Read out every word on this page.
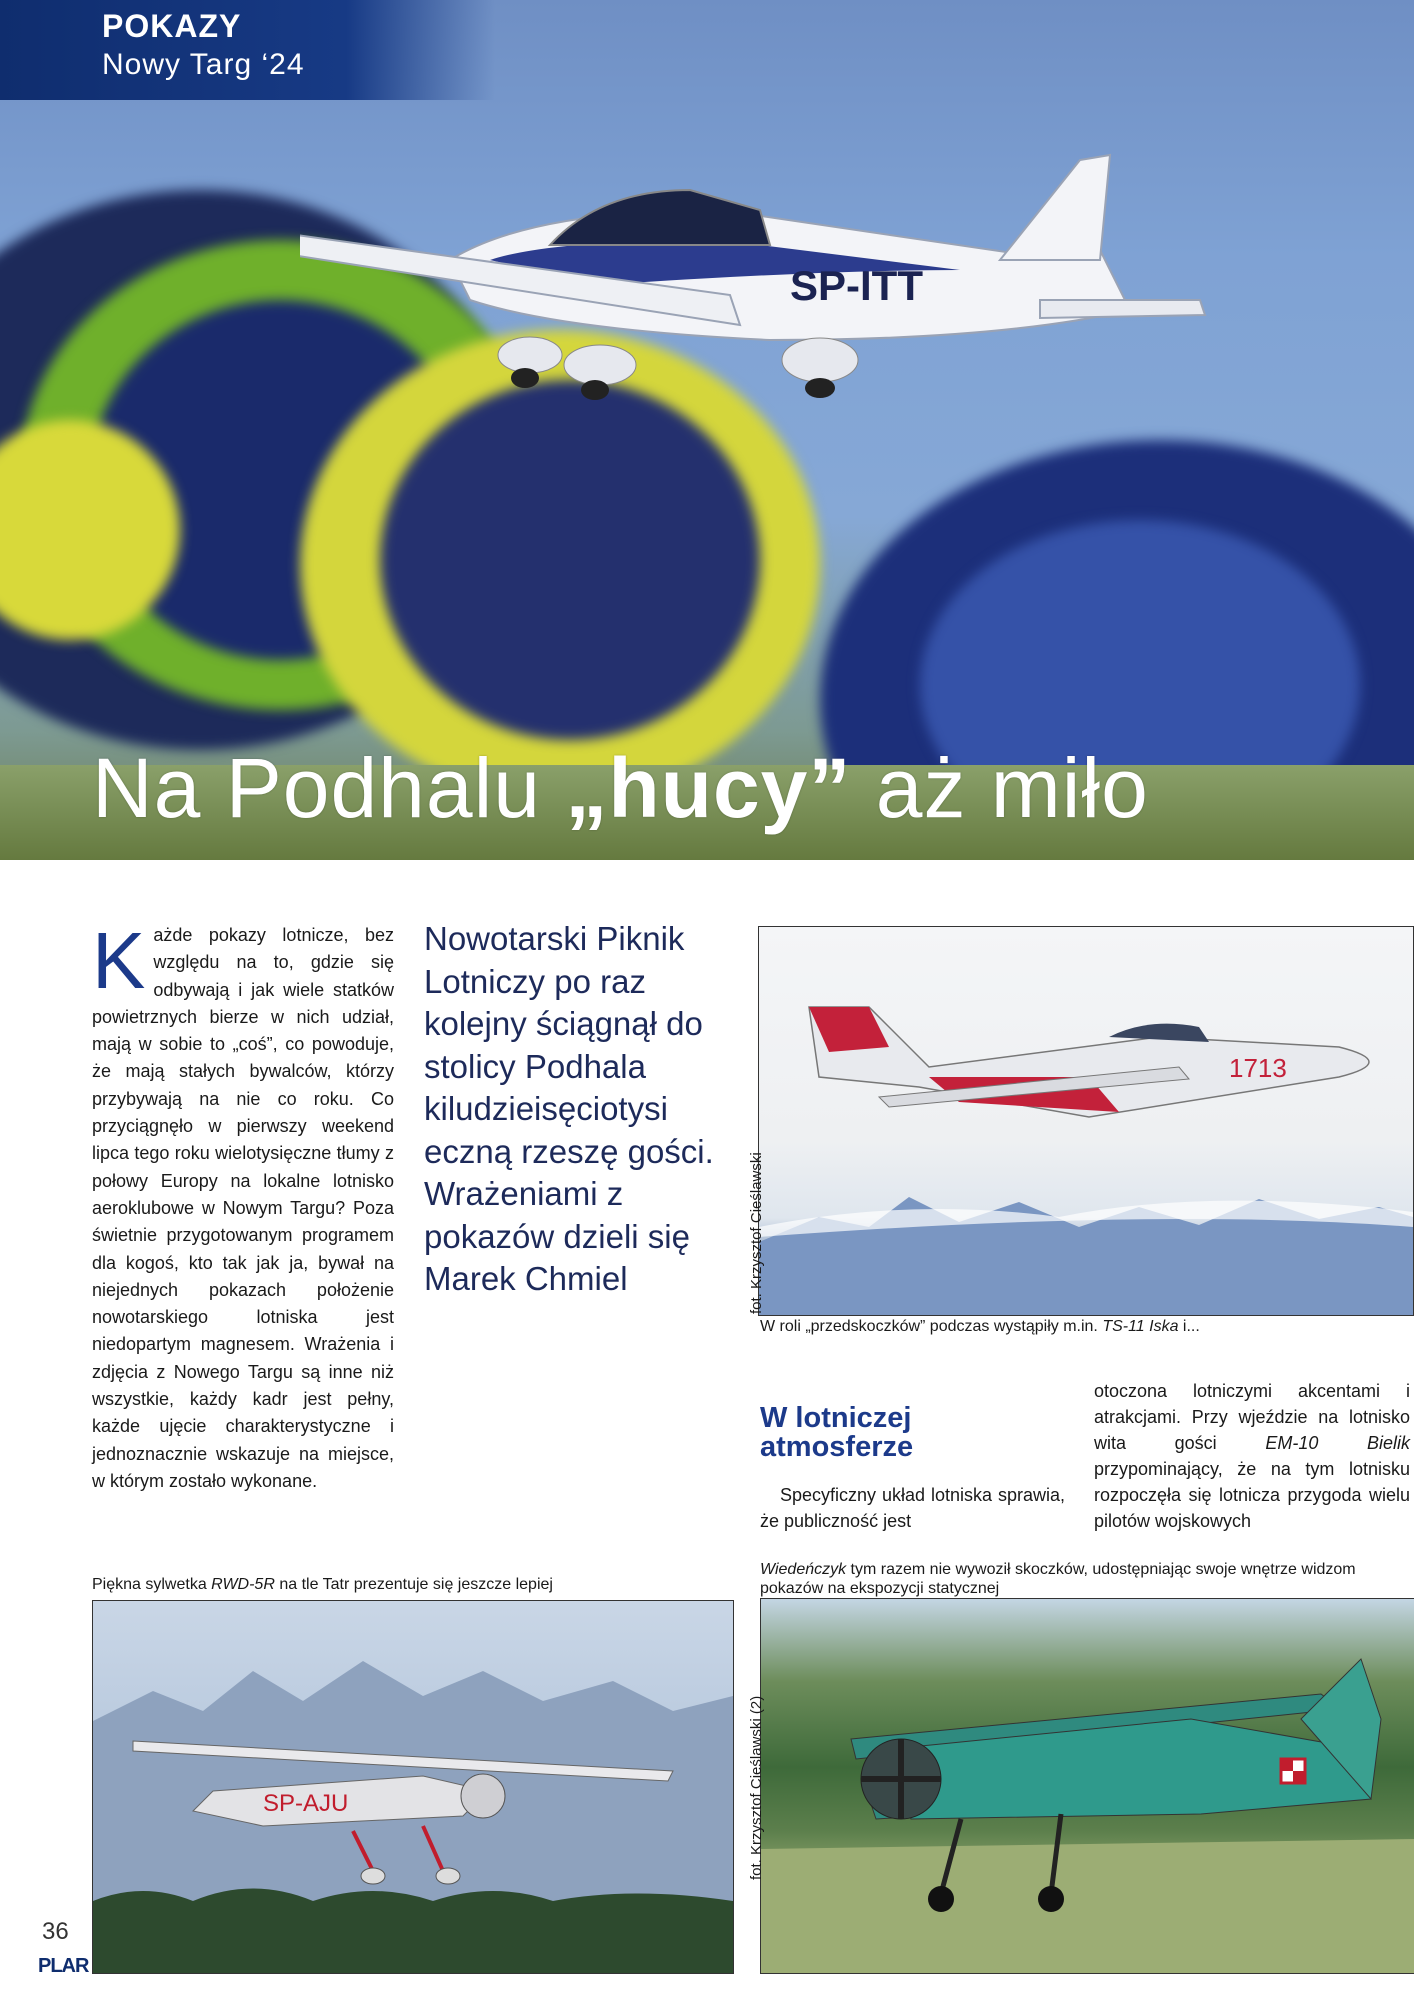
SP-ITT
POKAZY
Nowy Targ ‘24
Na Podhalu „hucy” aż miło
Każde pokazy lotnicze, bez względu na to, gdzie się odbywają i jak wiele statków powietrznych bierze w nich udział, mają w sobie to „coś”, co powoduje, że mają stałych bywalców, którzy przybywają na nie co roku. Co przyciągnęło w pierwszy weekend lipca tego roku wielotysięczne tłumy z połowy Europy na lokalne lotnisko aeroklubowe w Nowym Targu? Poza świetnie przygotowanym programem dla kogoś, kto tak jak ja, bywał na niejednych pokazach położenie nowotarskiego lotniska jest niedopartym magnesem. Wrażenia i zdjęcia z Nowego Targu są inne niż wszystkie, każdy kadr jest pełny, każde ujęcie charakterystyczne i jednoznacznie wskazuje na miejsce, w którym zostało wykonane.
Nowotarski Piknik Lotniczy po raz kolejny ściągnął do stolicy Podhala kiludzieisęciotysi eczną rzeszę gości. Wrażeniami z pokazów dzieli się Marek Chmiel
W lotniczej atmosferze
Specyficzny układ lotniska sprawia, że publiczność jest
otoczona lotniczymi akcentami i atrakcjami. Przy wjeździe na lotnisko wita gości EM-10 Bielik przypominający, że na tym lotnisku rozpoczęła się lotnicza przygoda wielu pilotów wojskowych
1713
fot. Krzysztof Cieślawski
W roli „przedskoczków” podczas wystąpiły m.in. TS-11 Iska i...
Piękna sylwetka RWD-5R na tle Tatr prezentuje się jeszcze lepiej
SP-AJU
Wiedeńczyk tym razem nie wywoził skoczków, udostępniając swoje wnętrze widzom pokazów na ekspozycji statycznej
fot. Krzysztof Cieślawski (2)
36
PLAR
